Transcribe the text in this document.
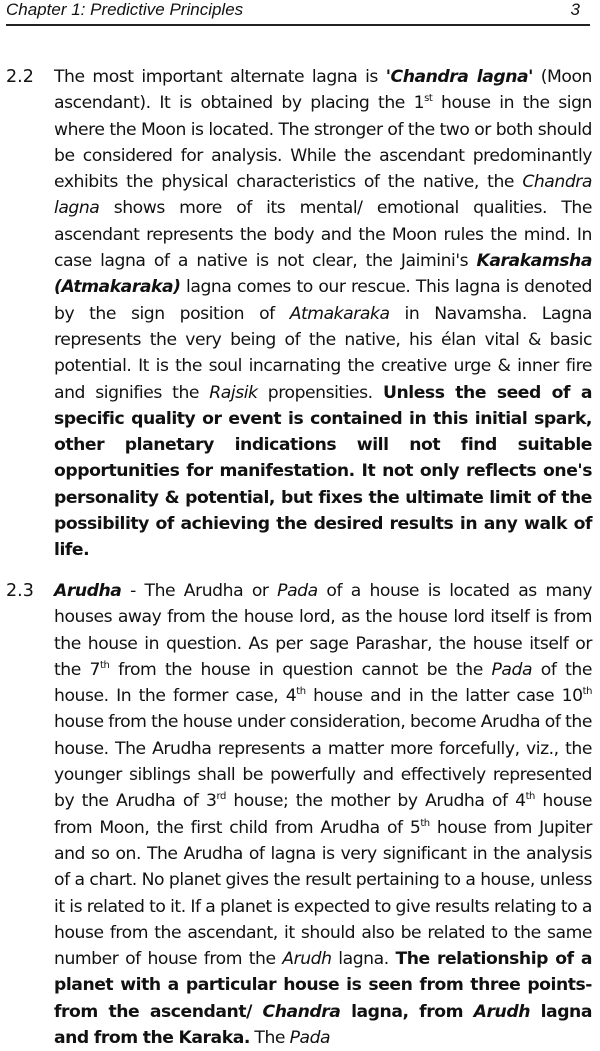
Chapter 1: Predictive Principles	3
2.2 The most important alternate lagna is 'Chandra lagna' (Moon ascendant). It is obtained by placing the 1st house in the sign where the Moon is located. The stronger of the two or both should be considered for analysis. While the ascendant predominantly exhibits the physical characteristics of the native, the Chandra lagna shows more of its mental/ emotional qualities. The ascendant represents the body and the Moon rules the mind. In case lagna of a native is not clear, the Jaimini's Karakamsha (Atmakaraka) lagna comes to our rescue. This lagna is denoted by the sign position of Atmakaraka in Navamsha. Lagna represents the very being of the native, his élan vital & basic potential. It is the soul incarnating the creative urge & inner fire and signifies the Rajsik propensities. Unless the seed of a specific quality or event is contained in this initial spark, other planetary indications will not find suitable opportunities for manifestation. It not only reflects one's personality & potential, but fixes the ultimate limit of the possibility of achieving the desired results in any walk of life.
2.3 Arudha - The Arudha or Pada of a house is located as many houses away from the house lord, as the house lord itself is from the house in question. As per sage Parashar, the house itself or the 7th from the house in question cannot be the Pada of the house. In the former case, 4th house and in the latter case 10th house from the house under consideration, become Arudha of the house. The Arudha represents a matter more forcefully, viz., the younger siblings shall be powerfully and effectively represented by the Arudha of 3rd house; the mother by Arudha of 4th house from Moon, the first child from Arudha of 5th house from Jupiter and so on. The Arudha of lagna is very significant in the analysis of a chart. No planet gives the result pertaining to a house, unless it is related to it. If a planet is expected to give results relating to a house from the ascendant, it should also be related to the same number of house from the Arudh lagna. The relationship of a planet with a particular house is seen from three points- from the ascendant/ Chandra lagna, from Arudh lagna and from the Karaka. The Pada
